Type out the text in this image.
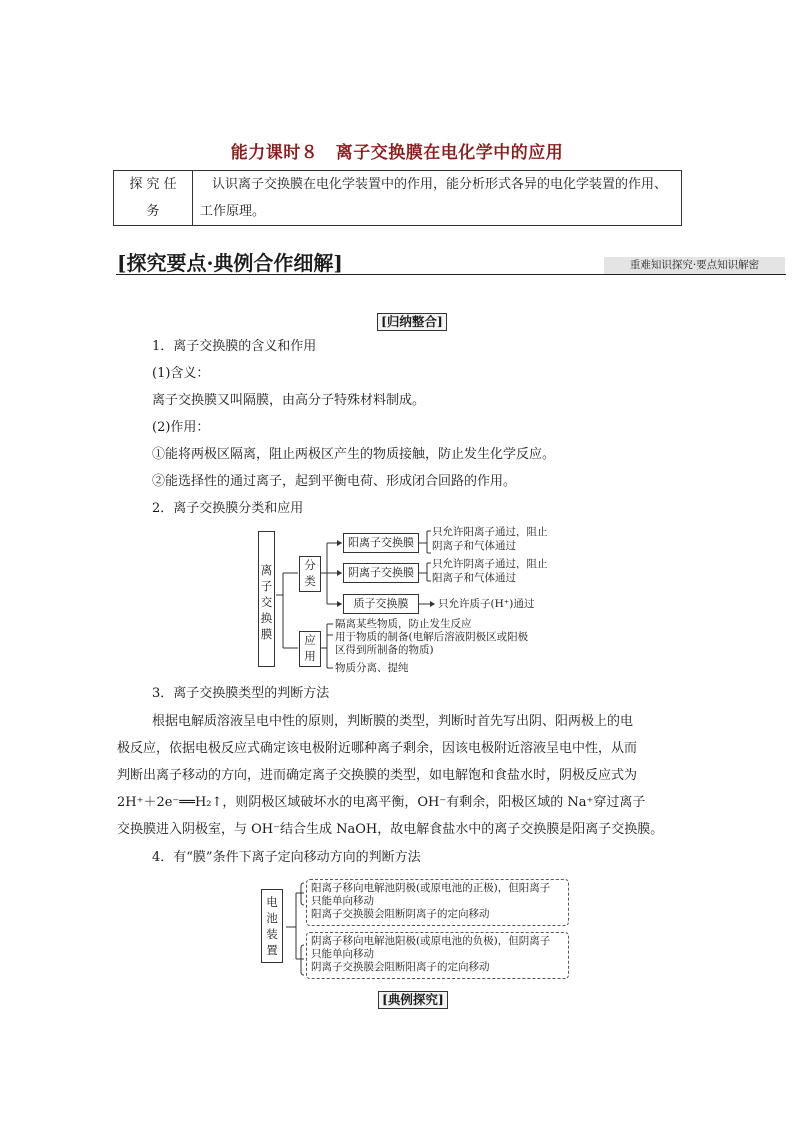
能力课时８　离子交换膜在电化学中的应用
探 究 任
务
认识离子交换膜在电化学装置中的作用，能分析形式各异的电化学装置的作用、工作原理。
[探究要点·典例合作细解]	重难知识探究·要点知识解密
[归纳整合]
1．离子交换膜的含义和作用
(1)含义：
离子交换膜又叫隔膜，由高分子特殊材料制成。
(2)作用：
①能将两极区隔离，阻止两极区产生的物质接触，防止发生化学反应。
②能选择性的通过离子，起到平衡电荷、形成闭合回路的作用。
2．离子交换膜分类和应用
离
子
交
换
膜
分
类
应
用
阳离子交换膜
阴离子交换膜
质子交换膜
只允许阳离子通过，阻止
阴离子和气体通过
只允许阴离子通过，阻止
阳离子和气体通过
只允许质子(H⁺)通过
隔离某些物质，防止发生反应
用于物质的制备(电解后溶液阴极区或阳极
区得到所制备的物质)
物质分离、提纯
3．离子交换膜类型的判断方法
根据电解质溶液呈电中性的原则，判断膜的类型，判断时首先写出阴、阳两极上的电
极反应，依据电极反应式确定该电极附近哪种离子剩余，因该电极附近溶液呈电中性，从而
判断出离子移动的方向，进而确定离子交换膜的类型，如电解饱和食盐水时，阴极反应式为
2H⁺＋2e⁻══H₂↑，则阴极区域破坏水的电离平衡，OH⁻有剩余，阳极区域的 Na⁺穿过离子
交换膜进入阴极室，与 OH⁻结合生成 NaOH，故电解食盐水中的离子交换膜是阳离子交换膜。
4．有“膜”条件下离子定向移动方向的判断方法
电
池
装
置
阳离子移向电解池阴极(或原电池的正极)，但阳离子
只能单向移动
阳离子交换膜会阻断阴离子的定向移动
阴离子移向电解池阳极(或原电池的负极)，但阴离子
只能单向移动
阴离子交换膜会阻断阳离子的定向移动
[典例探究]
